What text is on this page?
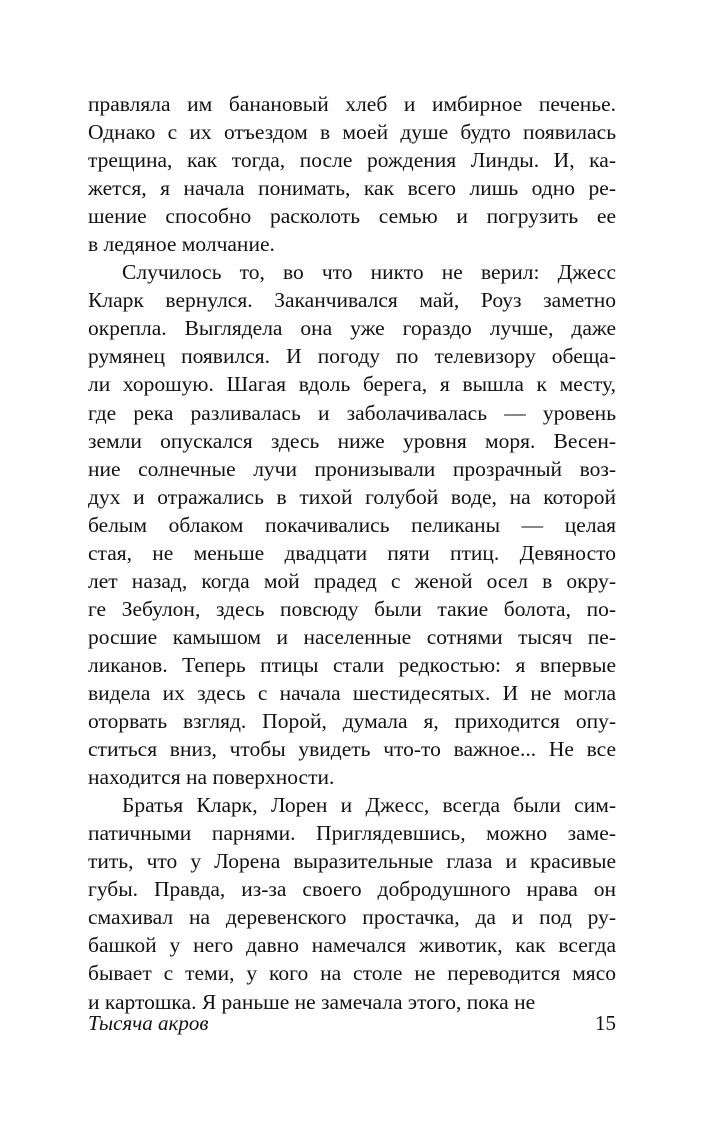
правляла им банановый хлеб и имбирное печенье.
Однако с их отъездом в моей душе будто появилась
трещина, как тогда, после рождения Линды. И, ка-
жется, я начала понимать, как всего лишь одно ре-
шение способно расколоть семью и погрузить ее
в ледяное молчание.
Случилось то, во что никто не верил: Джесс
Кларк вернулся. Заканчивался май, Роуз заметно
окрепла. Выглядела она уже гораздо лучше, даже
румянец появился. И погоду по телевизору обеща-
ли хорошую. Шагая вдоль берега, я вышла к месту,
где река разливалась и заболачивалась — уровень
земли опускался здесь ниже уровня моря. Весен-
ние солнечные лучи пронизывали прозрачный воз-
дух и отражались в тихой голубой воде, на которой
белым облаком покачивались пеликаны — целая
стая, не меньше двадцати пяти птиц. Девяносто
лет назад, когда мой прадед с женой осел в окру-
ге Зебулон, здесь повсюду были такие болота, по-
росшие камышом и населенные сотнями тысяч пе-
ликанов. Теперь птицы стали редкостью: я впервые
видела их здесь с начала шестидесятых. И не могла
оторвать взгляд. Порой, думала я, приходится опу-
ститься вниз, чтобы увидеть что-то важное... Не все
находится на поверхности.
Братья Кларк, Лорен и Джесс, всегда были сим-
патичными парнями. Приглядевшись, можно заме-
тить, что у Лорена выразительные глаза и красивые
губы. Правда, из-за своего добродушного нрава он
смахивал на деревенского простачка, да и под ру-
башкой у него давно намечался животик, как всегда
бывает с теми, у кого на столе не переводится мясо
и картошка. Я раньше не замечала этого, пока не
Тысяча акров	15
